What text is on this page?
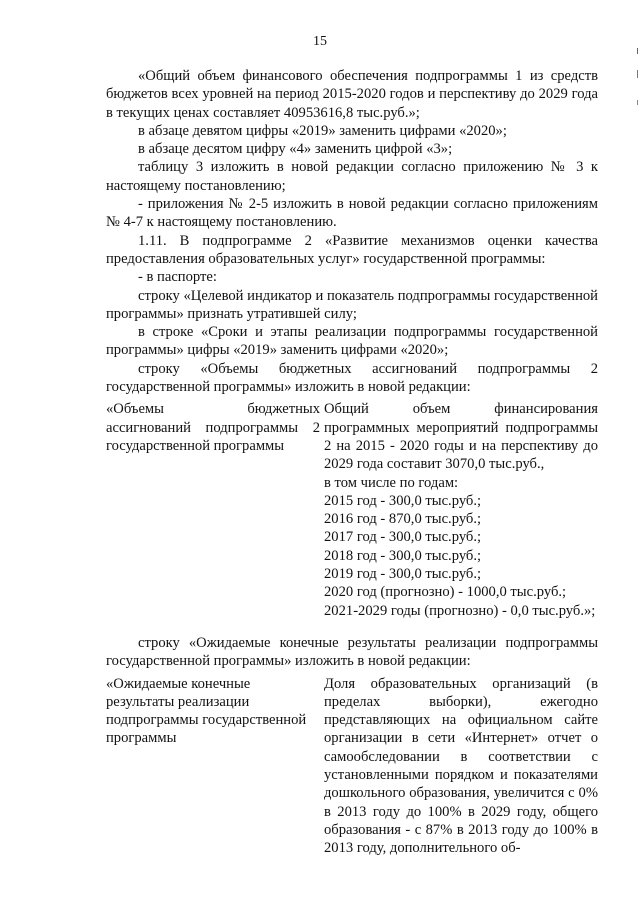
15

«Общий объем финансового обеспечения подпрограммы 1 из средств бюджетов всех уровней на период 2015-2020 годов и перспективу до 2029 года в текущих ценах составляет 40953616,8 тыс.руб.»;

в абзаце девятом цифры «2019» заменить цифрами «2020»;

в абзаце десятом цифру «4» заменить цифрой «3»;

таблицу 3 изложить в новой редакции согласно приложению № 3 к настоящему постановлению;

- приложения № 2-5 изложить в новой редакции согласно приложениям № 4-7 к настоящему постановлению.

1.11. В подпрограмме 2 «Развитие механизмов оценки качества предоставления образовательных услуг» государственной программы:

- в паспорте:

строку «Целевой индикатор и показатель подпрограммы государственной программы» признать утратившей силу;

в строке «Сроки и этапы реализации подпрограммы государственной программы» цифры «2019» заменить цифрами «2020»;

строку «Объемы бюджетных ассигнований подпрограммы 2 государственной программы» изложить в новой редакции:

«Объемы бюджетных ассигнований подпрограммы 2 государственной программы
Общий объем финансирования программных мероприятий подпрограммы 2 на 2015 - 2020 годы и на перспективу до 2029 года составит 3070,0 тыс.руб.,
в том числе по годам:
2015 год - 300,0 тыс.руб.;
2016 год - 870,0 тыс.руб.;
2017 год - 300,0 тыс.руб.;
2018 год - 300,0 тыс.руб.;
2019 год - 300,0 тыс.руб.;
2020 год (прогнозно) - 1000,0 тыс.руб.;
2021-2029 годы (прогнозно) - 0,0 тыс.руб.»;

строку «Ожидаемые конечные результаты реализации подпрограммы государственной программы» изложить в новой редакции:

«Ожидаемые конечные результаты реализации подпрограммы государственной программы
Доля образовательных организаций (в пределах выборки), ежегодно представляющих на официальном сайте организации в сети «Интернет» отчет о самообследовании в соответствии с установленными порядком и показателями дошкольного образования, увеличится с 0% в 2013 году до 100% в 2029 году, общего образования - с 87% в 2013 году до 100% в 2013 году, дополнительного об-
